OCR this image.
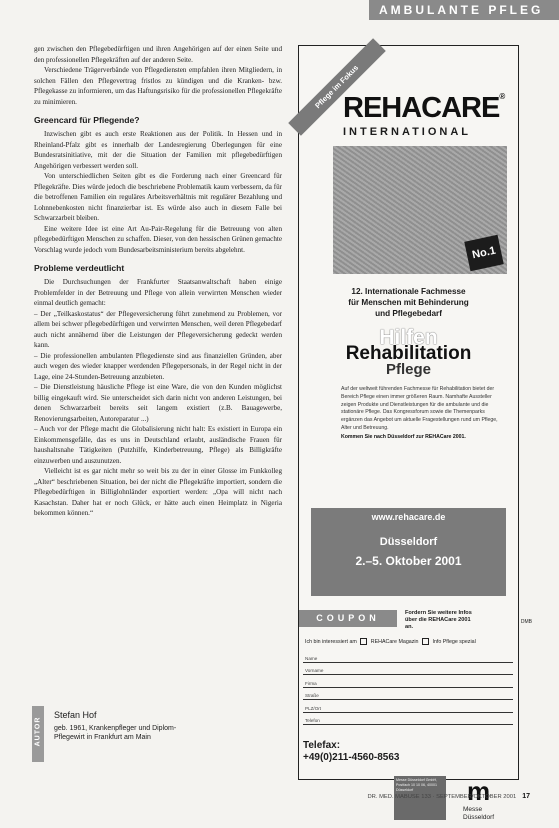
AMBULANTE PFLEG

gen zwischen den Pflegebedürftigen und ihren Angehörigen auf der einen Seite und den professionellen Pflegekräften auf der anderen Seite.

Verschiedene Trägerverbände von Pflegediensten empfahlen ihren Mitgliedern, in solchen Fällen den Pflegevertrag fristlos zu kündigen und die Kranken- bzw. Pflegekasse zu informieren, um das Haftungsrisiko für die professionellen Pflegekräfte zu minimieren.

Greencard für Pflegende?

Inzwischen gibt es auch erste Reaktionen aus der Politik. In Hessen und in Rheinland-Pfalz gibt es innerhalb der Landesregierung Überlegungen für eine Bundesratsinitiative, mit der die Situation der Familien mit pflegebedürftigen Angehörigen verbessert werden soll.

Von unterschiedlichen Seiten gibt es die Forderung nach einer Greencard für Pflegekräfte. Dies würde jedoch die beschriebene Problematik kaum verbessern, da für die betroffenen Familien ein reguläres Arbeitsverhältnis mit regulärer Bezahlung und Lohnnebenkosten nicht finanzierbar ist. Es würde also auch in diesem Falle bei Schwarzarbeit bleiben.

Eine weitere Idee ist eine Art Au-Pair-Regelung für die Betreuung von alten pflegebedürftigen Menschen zu schaffen. Dieser, von den hessischen Grünen gemachte Vorschlag wurde jedoch vom Bundesarbeitsministerium bereits abgelehnt.

Probleme verdeutlicht

Die Durchsuchungen der Frankfurter Staatsanwaltschaft haben einige Problemfelder in der Betreuung und Pflege von allein verwirrten Menschen wieder einmal deutlich gemacht:

– Der „Teilkaskostatus“ der Pflegeversicherung führt zunehmend zu Problemen, vor allem bei schwer pflegebedürftigen und verwirrten Menschen, weil deren Pflegebedarf auch nicht annähernd über die Leistungen der Pflegeversicherung gedeckt werden kann.

– Die professionellen ambulanten Pflegedienste sind aus finanziellen Gründen, aber auch wegen des wieder knapper werdenden Pflegepersonals, in der Regel nicht in der Lage, eine 24-Stunden-Betreuung anzubieten.

– Die Dienstleistung häusliche Pflege ist eine Ware, die von den Kunden möglichst billig eingekauft wird. Sie unterscheidet sich darin nicht von anderen Leistungen, bei denen Schwarzarbeit bereits seit langem existiert (z.B. Bauagewerbe, Renovierungsarbeiten, Autoreparatur ...)

– Auch vor der Pflege macht die Globalisierung nicht halt: Es existiert in Europa ein Einkommensgefälle, das es uns in Deutschland erlaubt, ausländische Frauen für haushaltsnahe Tätigkeiten (Putzhilfe, Kinderbetreuung, Pflege) als Billigkräfte einzuwerben und auszunutzen.

Vielleicht ist es gar nicht mehr so weit bis zu der in einer Glosse im Funkkolleg „Alter“ beschriebenen Situation, bei der nicht die Pflegekräfte importiert, sondern die Pflegebedürftigen in Billiglohnländer exportiert werden: „Opa will nicht nach Kasachstan. Daher hat er noch Glück, er hätte auch einen Heimplatz in Nigeria bekommen können.“

AUTOR
Stefan Hof
geb. 1961, Krankenpfleger und Diplom-Pflegewirt in Frankfurt am Main
Pflege im Fokus
REHACARE®
INTERNATIONAL
No.1
12. Internationale Fachmesse
für Menschen mit Behinderung
und Pflegebedarf
Hilfen
Rehabilitation
Pflege
Auf der weltweit führenden Fachmesse für Rehabilitation bietet der Bereich Pflege einen immer größeren Raum. Namhafte Aussteller zeigen Produkte und Dienstleistungen für die ambulante und die stationäre Pflege. Das Kongressforum sowie die Themenparks ergänzen das Angebot um aktuelle Fragestellungen rund um Pflege, Alter und Betreuung.
Kommen Sie nach Düsseldorf zur REHACare 2001.
www.rehacare.de
Düsseldorf
2.–5. Oktober 2001
COUPON	Fordern Sie weitere Infos über die REHACare 2001 an.
DMB
Ich bin interessiert am	REHACare Magazin	Info Pflege spezial
Name
Vorname
Firma
Straße
PLZ/Ort
Telefon
Telefax:
+49(0)211-4560-8563
Messe Düsseldorf GmbH, Postfach 10 10 06, 40001 Düsseldorf	m
Messe
Düsseldorf
DR. MED. MABUSE 133 · SEPTEMBER/OKTOBER 2001 17
